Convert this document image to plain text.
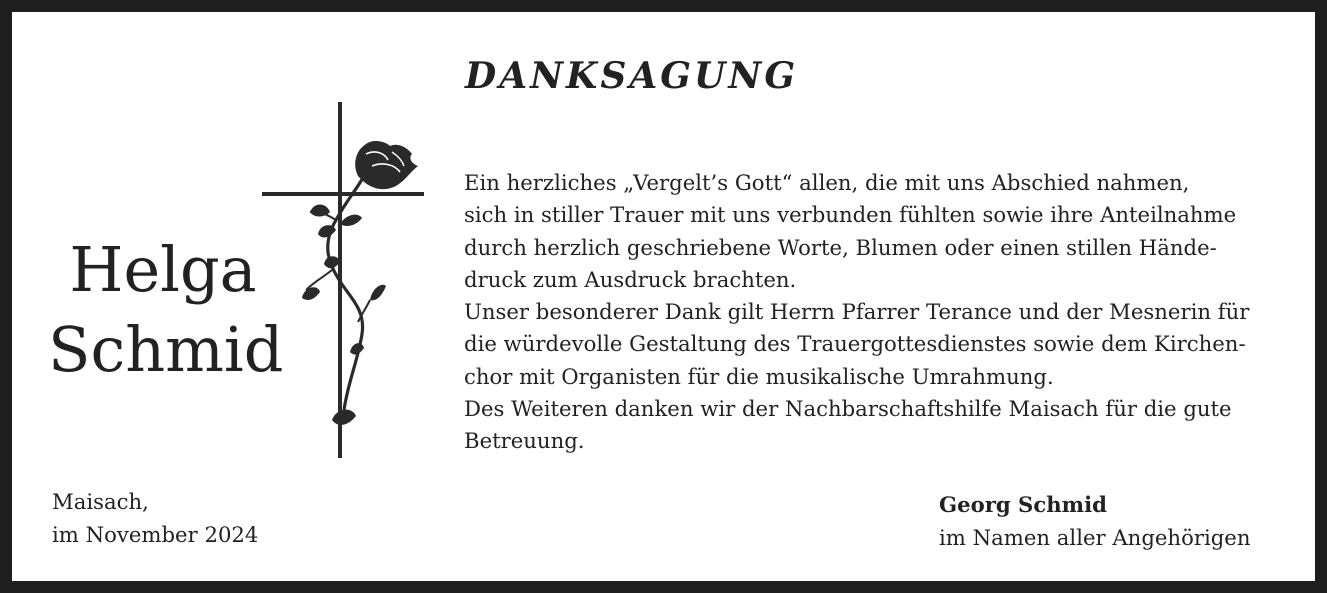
DANKSAGUNG
Helga
Schmid
Ein herzliches „Vergelt’s Gott“ allen, die mit uns Abschied nahmen,
sich in stiller Trauer mit uns verbunden fühlten sowie ihre Anteilnahme
durch herzlich geschriebene Worte, Blumen oder einen stillen Hände-
druck zum Ausdruck brachten.
Unser besonderer Dank gilt Herrn Pfarrer Terance und der Mesnerin für
die würdevolle Gestaltung des Trauergottesdienstes sowie dem Kirchen-
chor mit Organisten für die musikalische Umrahmung.
Des Weiteren danken wir der Nachbarschaftshilfe Maisach für die gute
Betreuung.
Maisach,
im November 2024
Georg Schmid
im Namen aller Angehörigen
